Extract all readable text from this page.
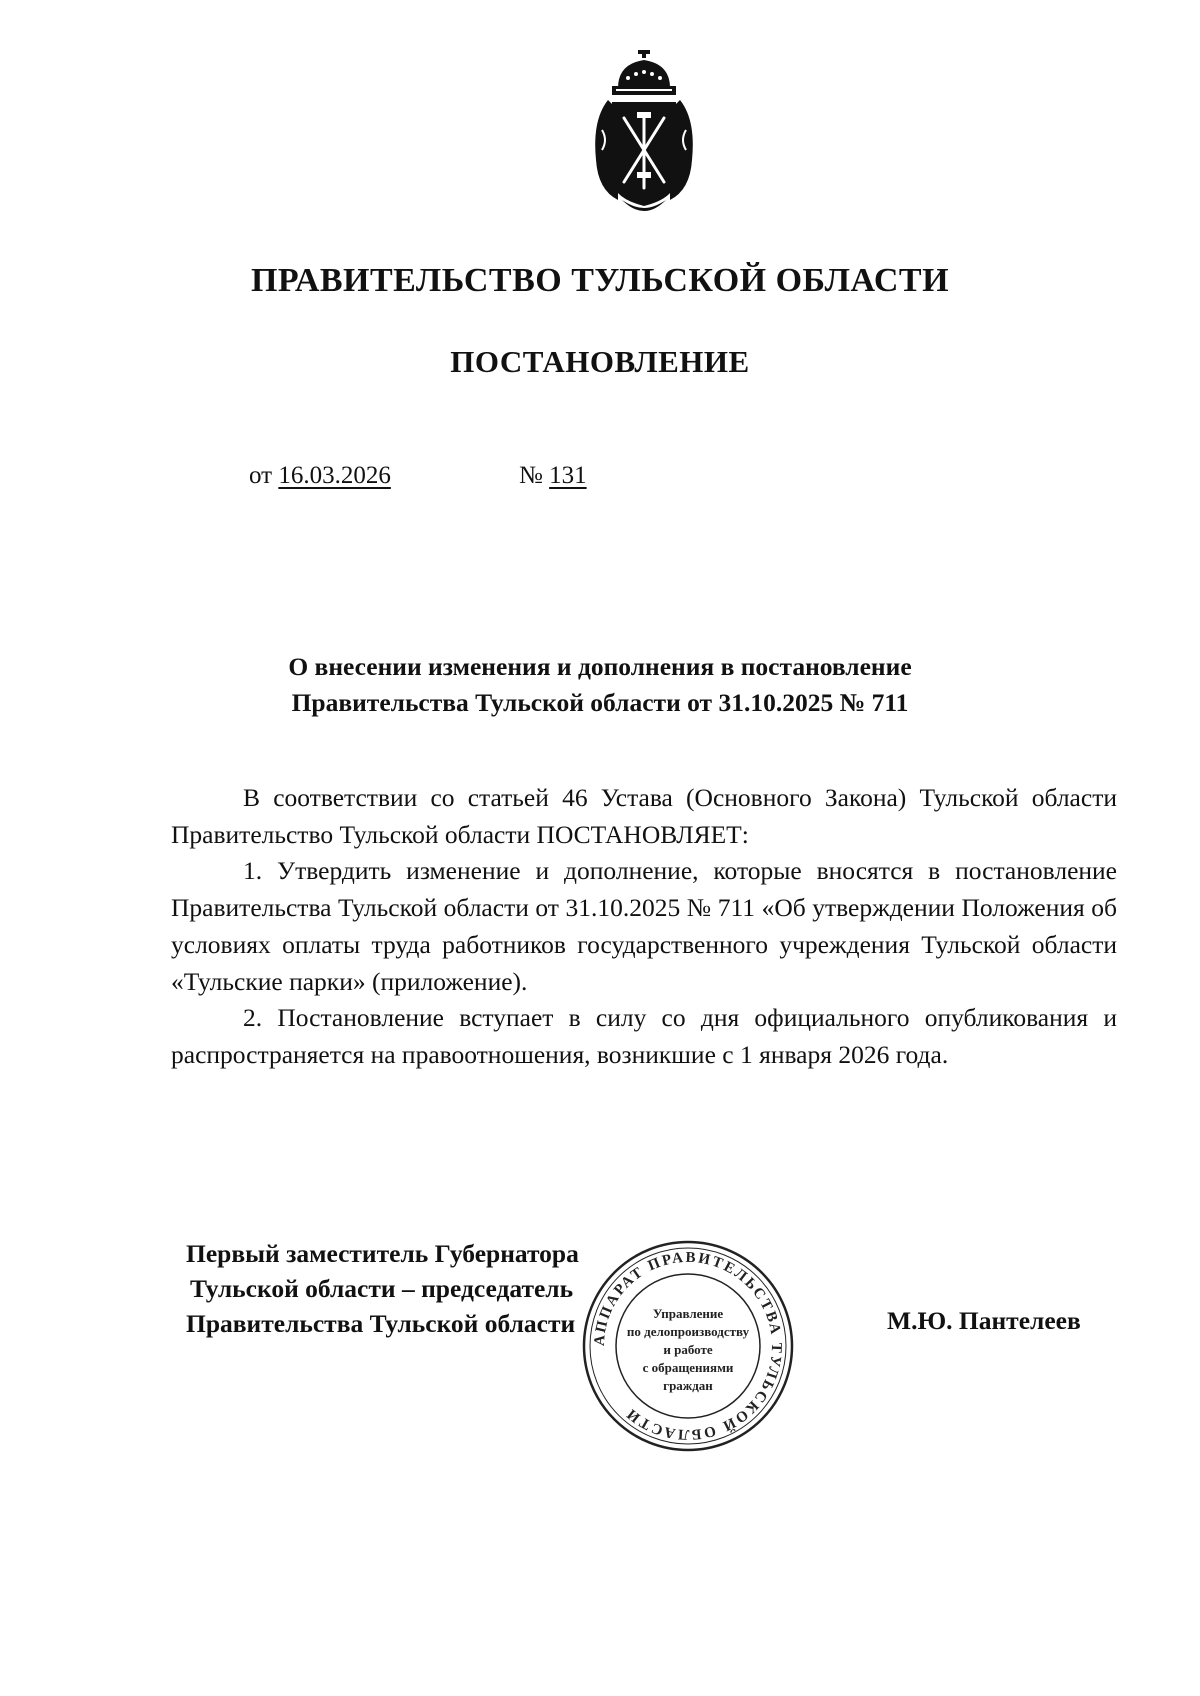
ПРАВИТЕЛЬСТВО ТУЛЬСКОЙ ОБЛАСТИ
ПОСТАНОВЛЕНИЕ
от 16.03.2026	№ 131
О внесении изменения и дополнения в постановление
Правительства Тульской области от 31.10.2025 № 711

В соответствии со статьей 46 Устава (Основного Закона) Тульской области Правительство Тульской области ПОСТАНОВЛЯЕТ:

1. Утвердить изменение и дополнение, которые вносятся в постановление Правительства Тульской области от 31.10.2025 № 711 «Об утверждении Положения об условиях оплаты труда работников государственного учреждения Тульской области «Тульские парки» (приложение).

2. Постановление вступает в силу со дня официального опубликования и распространяется на правоотношения, возникшие с 1 января 2026 года.

АППАРАТ ПРАВИТЕЛЬСТВА ТУЛЬСКОЙ ОБЛАСТИ
Управление
по делопроизводству
и работе
с обращениями
граждан
Первый заместитель Губернатора
Тульской области – председатель
Правительства Тульской области	М.Ю. Пантелеев
